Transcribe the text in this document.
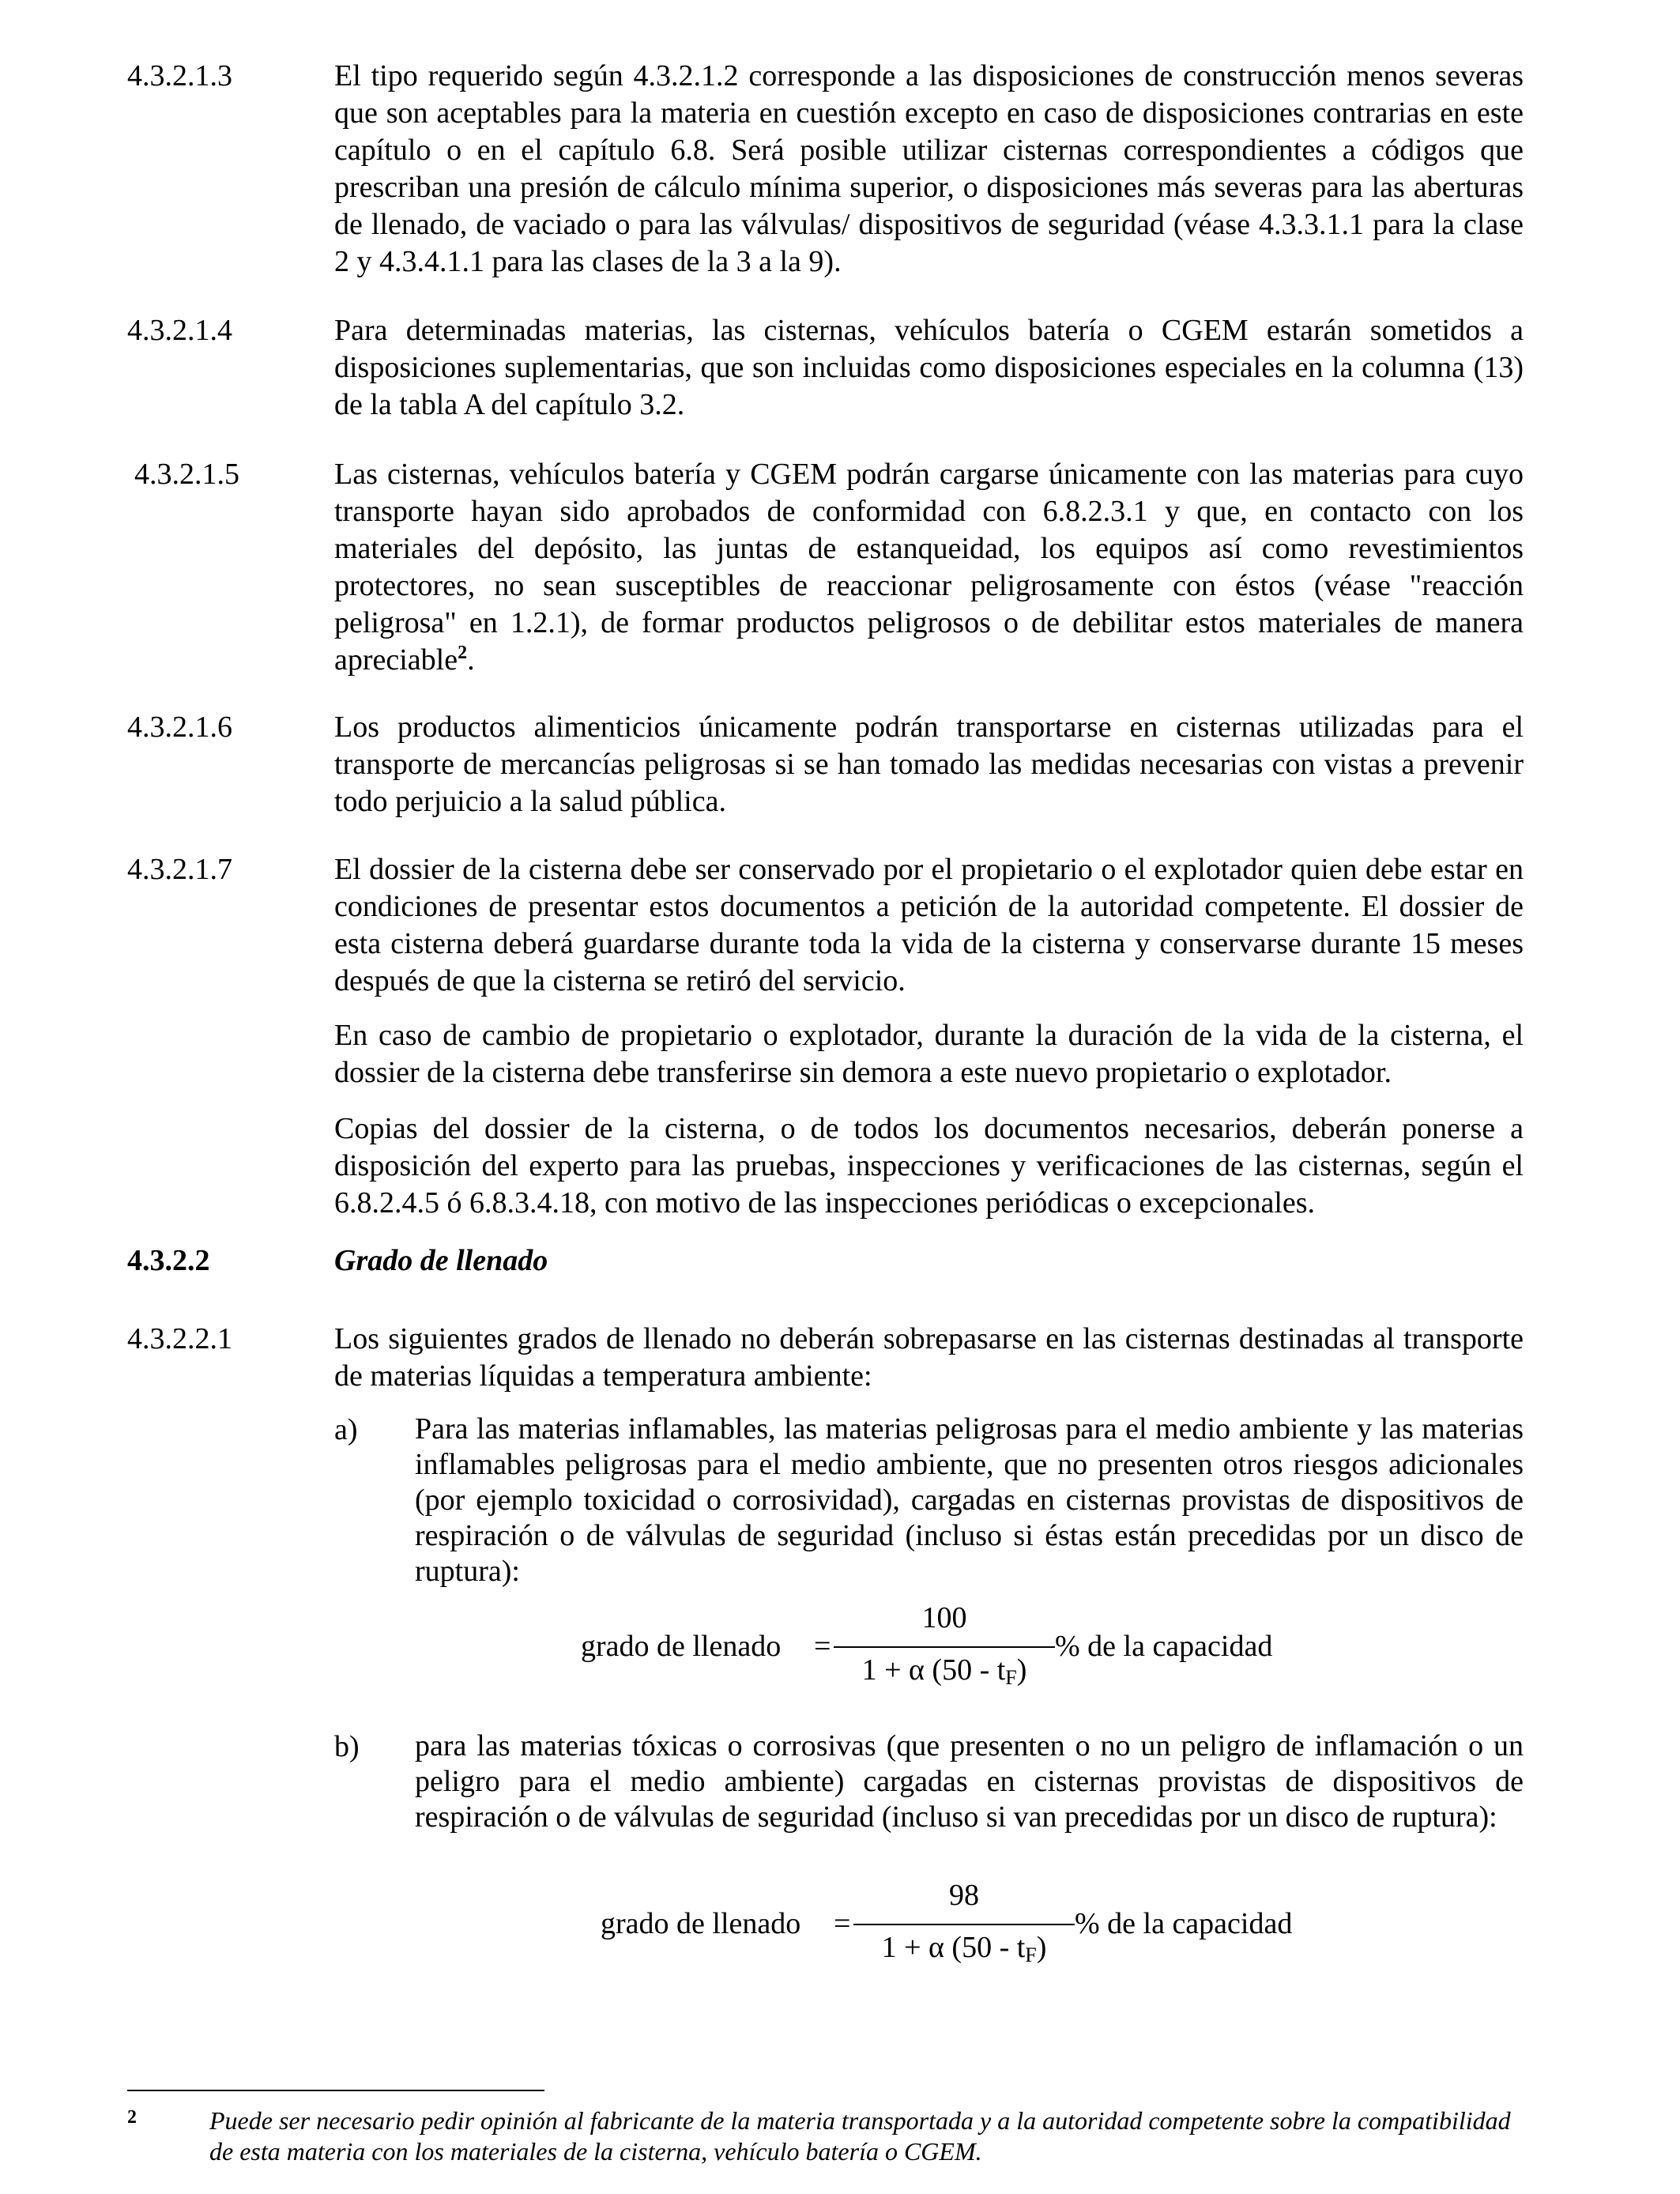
4.3.2.1.3	El tipo requerido según 4.3.2.1.2 corresponde a las disposiciones de construcción menos severas que son aceptables para la materia en cuestión excepto en caso de disposiciones contrarias en este capítulo o en el capítulo 6.8. Será posible utilizar cisternas correspondientes a códigos que prescriban una presión de cálculo mínima superior, o disposiciones más severas para las aberturas de llenado, de vaciado o para las válvulas/ dispositivos de seguridad (véase 4.3.3.1.1 para la clase 2 y 4.3.4.1.1 para las clases de la 3 a la 9).
4.3.2.1.4	Para determinadas materias, las cisternas, vehículos batería o CGEM estarán sometidos a disposiciones suplementarias, que son incluidas como disposiciones especiales en la columna (13) de la tabla A del capítulo 3.2.
4.3.2.1.5	Las cisternas, vehículos batería y CGEM podrán cargarse únicamente con las materias para cuyo transporte hayan sido aprobados de conformidad con 6.8.2.3.1 y que, en contacto con los materiales del depósito, las juntas de estanqueidad, los equipos así como revestimientos protectores, no sean susceptibles de reaccionar peligrosamente con éstos (véase "reacción peligrosa" en 1.2.1), de formar productos peligrosos o de debilitar estos materiales de manera apreciable$^2$.
4.3.2.1.6	Los productos alimenticios únicamente podrán transportarse en cisternas utilizadas para el transporte de mercancías peligrosas si se han tomado las medidas necesarias con vistas a prevenir todo perjuicio a la salud pública.
4.3.2.1.7	El dossier de la cisterna debe ser conservado por el propietario o el explotador quien debe estar en condiciones de presentar estos documentos a petición de la autoridad competente. El dossier de esta cisterna deberá guardarse durante toda la vida de la cisterna y conservarse durante 15 meses después de que la cisterna se retiró del servicio.
En caso de cambio de propietario o explotador, durante la duración de la vida de la cisterna, el dossier de la cisterna debe transferirse sin demora a este nuevo propietario o explotador.
Copias del dossier de la cisterna, o de todos los documentos necesarios, deberán ponerse a disposición del experto para las pruebas, inspecciones y verificaciones de las cisternas, según el 6.8.2.4.5 ó 6.8.3.4.18, con motivo de las inspecciones periódicas o excepcionales.
4.3.2.2	Grado de llenado
4.3.2.2.1	Los siguientes grados de llenado no deberán sobrepasarse en las cisternas destinadas al transporte de materias líquidas a temperatura ambiente:
a) Para las materias inflamables, las materias peligrosas para el medio ambiente y las materias inflamables peligrosas para el medio ambiente, que no presenten otros riesgos adicionales (por ejemplo toxicidad o corrosividad), cargadas en cisternas provistas de dispositivos de respiración o de válvulas de seguridad (incluso si éstas están precedidas por un disco de ruptura):
grado de llenado =
100
1 + α $(50 - t_F)$
% de la capacidad
b) para las materias tóxicas o corrosivas (que presenten o no un peligro de inflamación o un peligro para el medio ambiente) cargadas en cisternas provistas de dispositivos de respiración o de válvulas de seguridad (incluso si van precedidas por un disco de ruptura):
grado de llenado =
98
1 + α $(50 - t_F)$
% de la capacidad
2	Puede ser necesario pedir opinión al fabricante de la materia transportada y a la autoridad competente sobre la compatibilidad de esta materia con los materiales de la cisterna, vehículo batería o CGEM.
